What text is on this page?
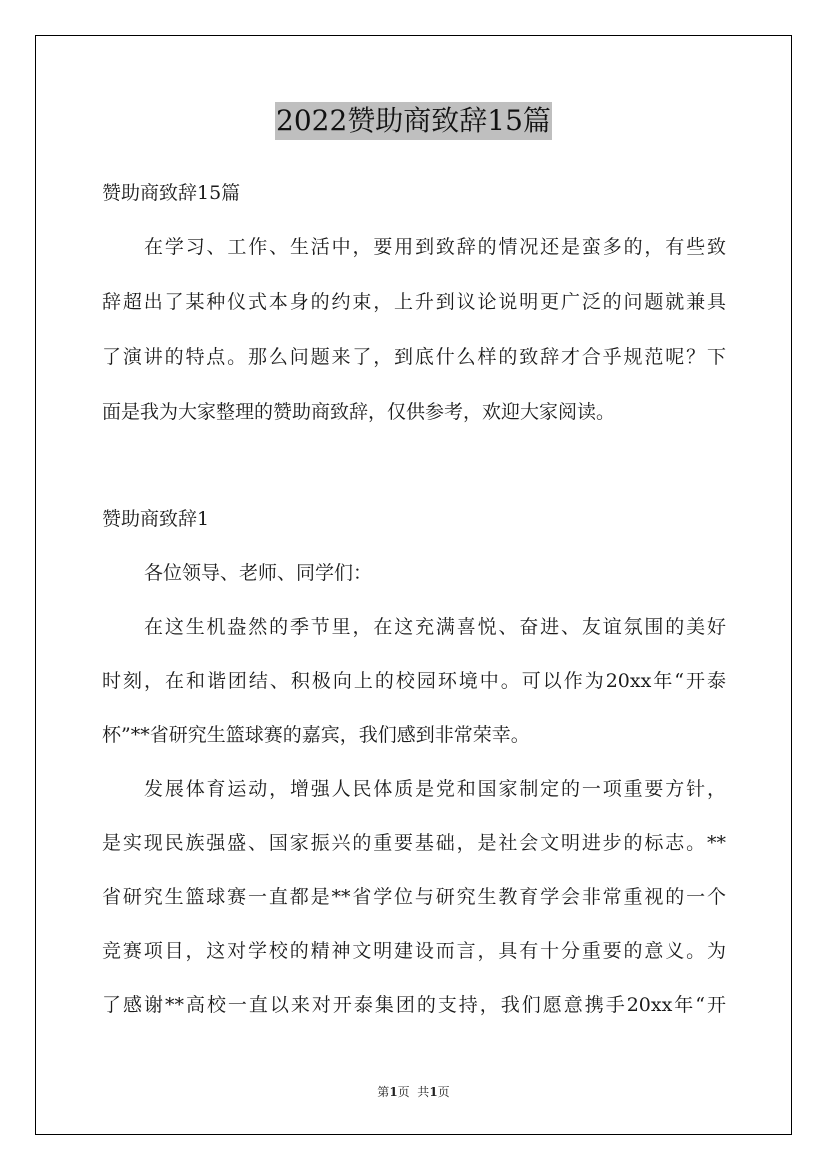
2022赞助商致辞15篇
赞助商致辞15篇
在学习、工作、生活中，要用到致辞的情况还是蛮多的，有些致
辞超出了某种仪式本身的约束，上升到议论说明更广泛的问题就兼具
了演讲的特点。那么问题来了，到底什么样的致辞才合乎规范呢？下
面是我为大家整理的赞助商致辞，仅供参考，欢迎大家阅读。
赞助商致辞1
各位领导、老师、同学们：
在这生机盎然的季节里，在这充满喜悦、奋进、友谊氛围的美好
时刻，在和谐团结、积极向上的校园环境中。可以作为20xx年“开泰
杯”**省研究生篮球赛的嘉宾，我们感到非常荣幸。
发展体育运动，增强人民体质是党和国家制定的一项重要方针，
是实现民族强盛、国家振兴的重要基础，是社会文明进步的标志。**
省研究生篮球赛一直都是**省学位与研究生教育学会非常重视的一个
竞赛项目，这对学校的精神文明建设而言，具有十分重要的意义。为
了感谢**高校一直以来对开泰集团的支持，我们愿意携手20xx年“开
第1页  共1页
